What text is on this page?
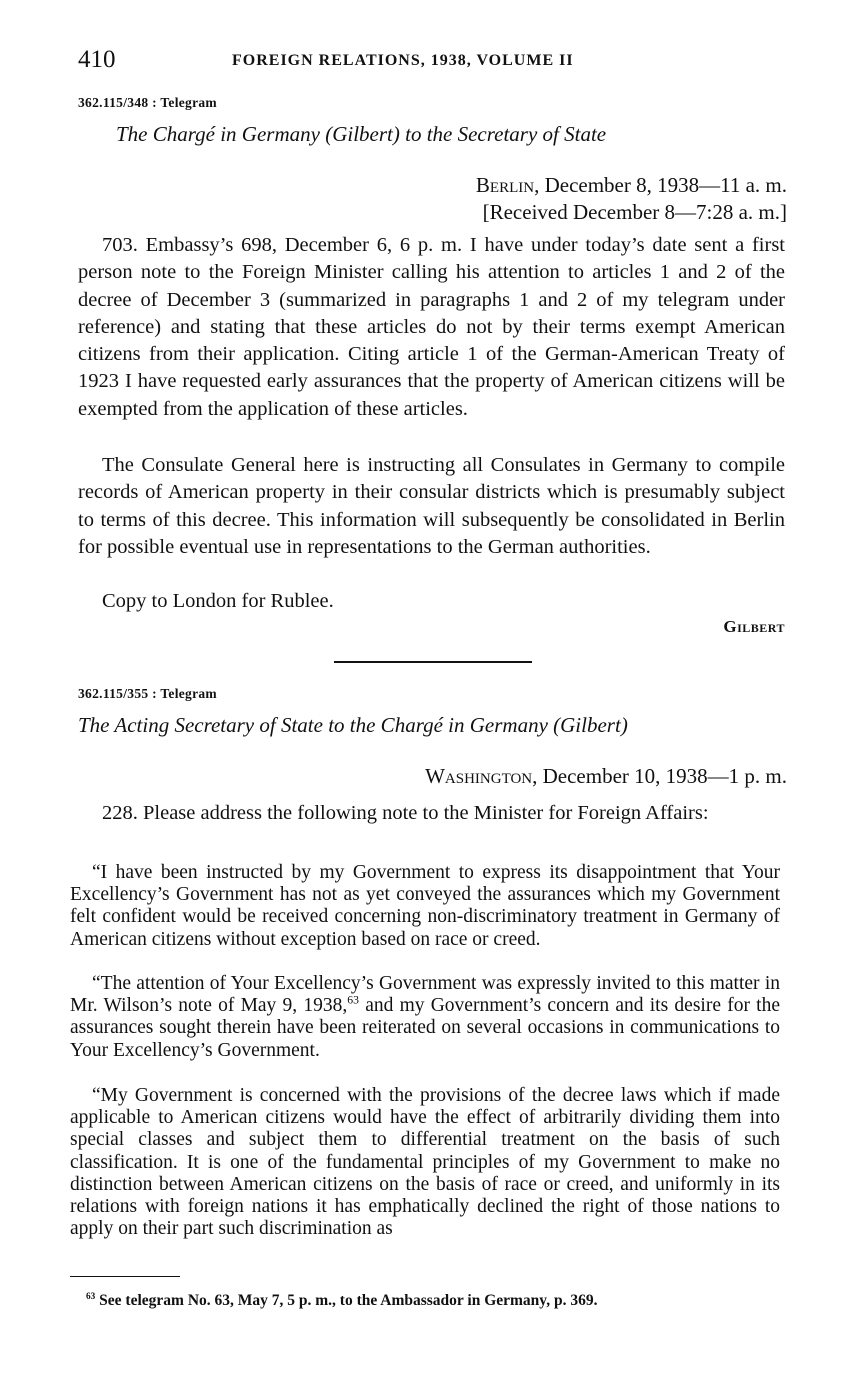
410	FOREIGN RELATIONS, 1938, VOLUME II
362.115/348 : Telegram
The Chargé in Germany (Gilbert) to the Secretary of State
Berlin, December 8, 1938—11 a. m.
[Received December 8—7:28 a. m.]

703. Embassy’s 698, December 6, 6 p. m. I have under today’s date sent a first person note to the Foreign Minister calling his attention to articles 1 and 2 of the decree of December 3 (summarized in paragraphs 1 and 2 of my telegram under reference) and stating that these articles do not by their terms exempt American citizens from their application. Citing article 1 of the German-American Treaty of 1923 I have requested early assurances that the property of American citizens will be exempted from the application of these articles.

The Consulate General here is instructing all Consulates in Germany to compile records of American property in their consular districts which is presumably subject to terms of this decree. This information will subsequently be consolidated in Berlin for possible eventual use in representations to the German authorities.

Copy to London for Rublee.

Gilbert
362.115/355 : Telegram
The Acting Secretary of State to the Chargé in Germany (Gilbert)
Washington, December 10, 1938—1 p. m.

228. Please address the following note to the Minister for Foreign Affairs:

“I have been instructed by my Government to express its disappointment that Your Excellency’s Government has not as yet conveyed the assurances which my Government felt confident would be received concerning non-discriminatory treatment in Germany of American citizens without exception based on race or creed.

“The attention of Your Excellency’s Government was expressly invited to this matter in Mr. Wilson’s note of May 9, 1938,63 and my Government’s concern and its desire for the assurances sought therein have been reiterated on several occasions in communications to Your Excellency’s Government.

“My Government is concerned with the provisions of the decree laws which if made applicable to American citizens would have the effect of arbitrarily dividing them into special classes and subject them to differential treatment on the basis of such classification. It is one of the fundamental principles of my Government to make no distinction between American citizens on the basis of race or creed, and uniformly in its relations with foreign nations it has emphatically declined the right of those nations to apply on their part such discrimination as

$^{63}$ See telegram No. 63, May 7, 5 p. m., to the Ambassador in Germany, p. 369.
